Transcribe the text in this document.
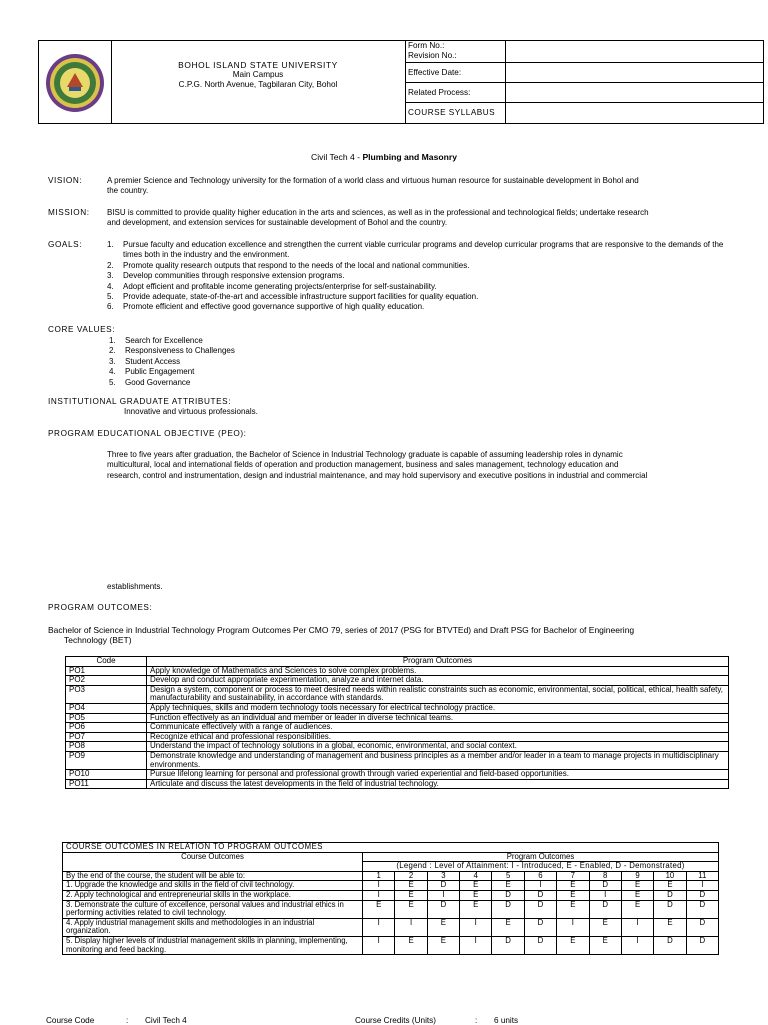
BOHOL ISLAND STATE UNIVERSITY
Main Campus
C.P.G. North Avenue, Tagbilaran City, Bohol
Form No.:
Revision No.:
Effective Date:
Related Process:
COURSE SYLLABUS
Civil Tech 4 - Plumbing and Masonry
VISION:	A premier Science and Technology university for the formation of a world class and virtuous human resource for sustainable development in Bohol and
the country.
MISSION: BISU is committed to provide quality higher education in the arts and sciences, as well as in the professional and technological fields; undertake research
and development, and extension services for sustainable development of Bohol and the country.
GOALS:	1. Pursue faculty and education excellence and strengthen the current viable curricular programs and develop curricular programs that are responsive to the demands of the times both in the industry and the environment.
2. Promote quality research outputs that respond to the needs of the local and national communities.
3. Develop communities through responsive extension programs.
4. Adopt efficient and profitable income generating projects/enterprise for self-sustainability.
5. Provide adequate, state-of-the-art and accessible infrastructure support facilities for quality equation.
6. Promote efficient and effective good governance supportive of high quality education.
CORE VALUES:
1. Search for Excellence
2. Responsiveness to Challenges
3. Student Access
4. Public Engagement
5. Good Governance
INSTITUTIONAL GRADUATE ATTRIBUTES:
Innovative and virtuous professionals.
PROGRAM EDUCATIONAL OBJECTIVE (PEO):
Three to five years after graduation, the Bachelor of Science in Industrial Technology graduate is capable of assuming leadership roles in dynamic
multicultural, local and international fields of operation and production management, business and sales management, technology education and
research, control and instrumentation, design and industrial maintenance, and may hold supervisory and executive positions in industrial and commercial
establishments.
PROGRAM OUTCOMES:
Bachelor of Science in Industrial Technology Program Outcomes Per CMO 79, series of 2017 (PSG for BTVTEd) and Draft PSG for Bachelor of Engineering
Technology (BET)
Code	Program Outcomes
PO1	Apply knowledge of Mathematics and Sciences to solve complex problems.
PO2	Develop and conduct appropriate experimentation, analyze and internet data.
PO3	Design a system, component or process to meet desired needs within realistic constraints such as economic, environmental, social, political, ethical, health safety, manufacturability and sustainability, in accordance with standards.
PO4	Apply techniques, skills and modern technology tools necessary for electrical technology practice.
PO5	Function effectively as an individual and member or leader in diverse technical teams.
PO6	Communicate effectively with a range of audiences.
PO7	Recognize ethical and professional responsibilities.
PO8	Understand the impact of technology solutions in a global, economic, environmental, and social context.
PO9	Demonstrate knowledge and understanding of management and business principles as a member and/or leader in a team to manage projects in multidisciplinary environments.
PO10	Pursue lifelong learning for personal and professional growth through varied experiential and field-based opportunities.
PO11	Articulate and discuss the latest developments in the field of industrial technology.
COURSE OUTCOMES IN RELATION TO PROGRAM OUTCOMES											
Course Outcomes	Program Outcomes										
	(Legend : Level of Attainment: I - Introduced, E - Enabled, D - Demonstrated)										
By the end of the course, the student will be able to:	1	2	3	4	5	6	7	8	9	10	11
1. Upgrade the knowledge and skills in the field of civil technology.	I	E	D	E	E	I	E	D	E	E	I
2. Apply technological and entrepreneurial skills in the workplace.	I	E	I	E	D	D	E	I	E	D	D
3. Demonstrate the culture of excellence, personal values and industrial ethics in performing activities related to civil technology.	E	E	D	E	D	D	E	D	E	D	D
4. Apply industrial management skills and methodologies in an industrial organization.	I	I	E	I	E	D	I	E	I	E	D
5. Display higher levels of industrial management skills in planning, implementing, monitoring and feed backing.	I	E	E	I	D	D	E	E	I	D	D
Course Code	: Civil Tech 4	Course Credits (Units)	: 6 units
